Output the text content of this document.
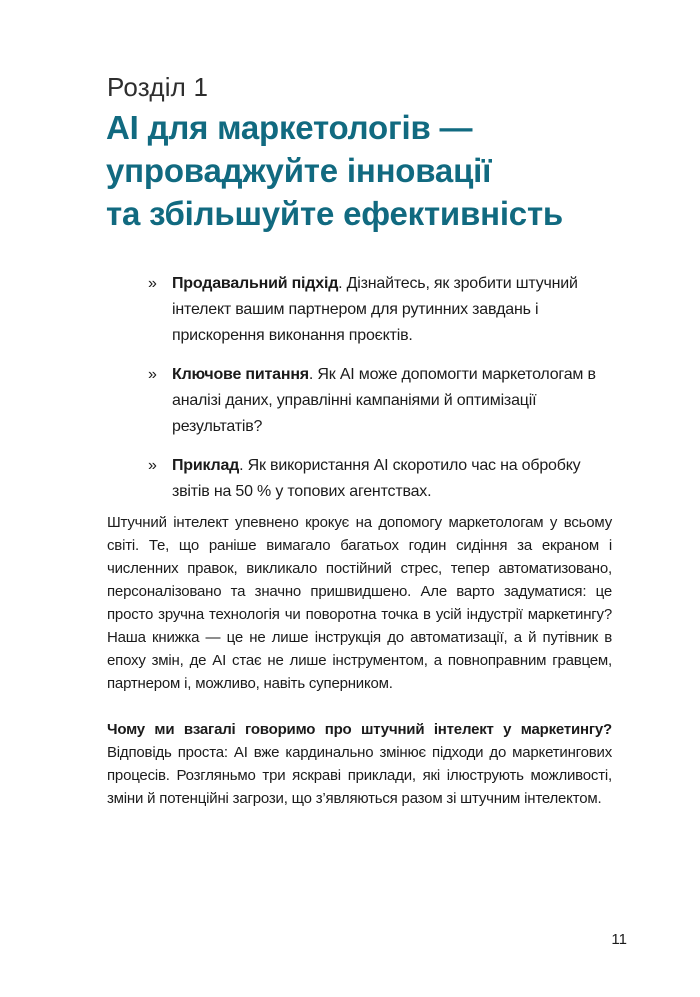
Розділ 1
AI для маркетологів —
упроваджуйте інновації
та збільшуйте ефективність
» Продавальний підхід. Дізнайтесь, як зробити штучний інтелект вашим партнером для рутинних завдань і прискорення виконання проєктів.
» Ключове питання. Як AI може допомогти маркетологам в аналізі даних, управлінні кампаніями й оптимізації результатів?
» Приклад. Як використання AI скоротило час на обробку звітів на 50 % у топових агентствах.

Штучний інтелект упевнено крокує на допомогу маркетологам у всьому світі. Те, що раніше вимагало багатьох годин сидіння за екраном і численних правок, викликало постійний стрес, тепер автоматизовано, персоналізовано та значно пришвидшено. Але варто задуматися: це просто зручна технологія чи поворотна точка в усій індустрії маркетингу? Наша книжка — це не лише інструкція до автоматизації, а й путівник в епоху змін, де AI стає не лише інструментом, а повноправним гравцем, партнером і, можливо, навіть суперником.

Чому ми взагалі говоримо про штучний інтелект у маркетингу? Відповідь проста: AI вже кардинально змінює підходи до маркетингових процесів. Розгляньмо три яскраві приклади, які ілюструють можливості, зміни й потенційні загрози, що з’являються разом зі штучним інтелектом.

11
